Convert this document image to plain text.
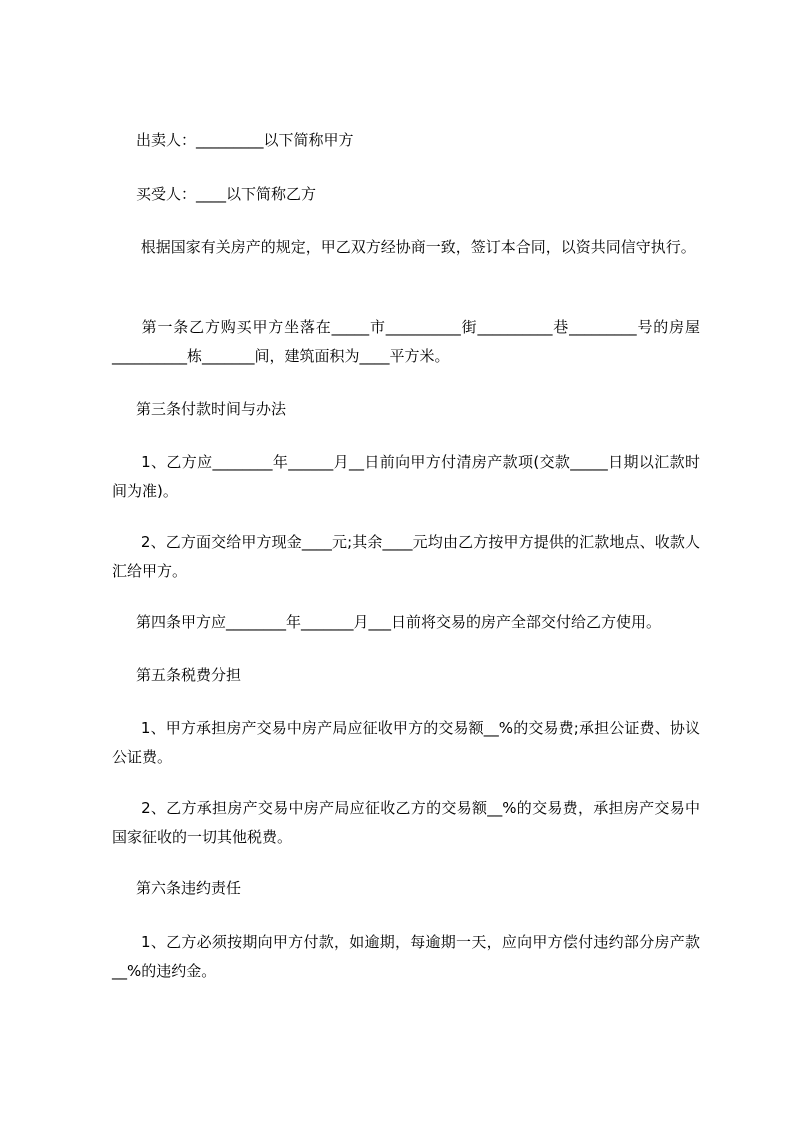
出卖人：_________以下简称甲方

买受人：____以下简称乙方

根据国家有关房产的规定，甲乙双方经协商一致，签订本合同，以资共同信守执行。

第一条乙方购买甲方坐落在_____市__________街__________巷_________号的房屋__________栋_______间，建筑面积为____平方米。

第三条付款时间与办法

1、乙方应________年______月__日前向甲方付清房产款项(交款_____日期以汇款时间为准)。

2、乙方面交给甲方现金____元;其余____元均由乙方按甲方提供的汇款地点、收款人汇给甲方。

第四条甲方应________年_______月___日前将交易的房产全部交付给乙方使用。

第五条税费分担

1、甲方承担房产交易中房产局应征收甲方的交易额__%的交易费;承担公证费、协议公证费。

2、乙方承担房产交易中房产局应征收乙方的交易额__%的交易费，承担房产交易中国家征收的一切其他税费。

第六条违约责任

1、乙方必须按期向甲方付款，如逾期，每逾期一天，应向甲方偿付违约部分房产款__%的违约金。
